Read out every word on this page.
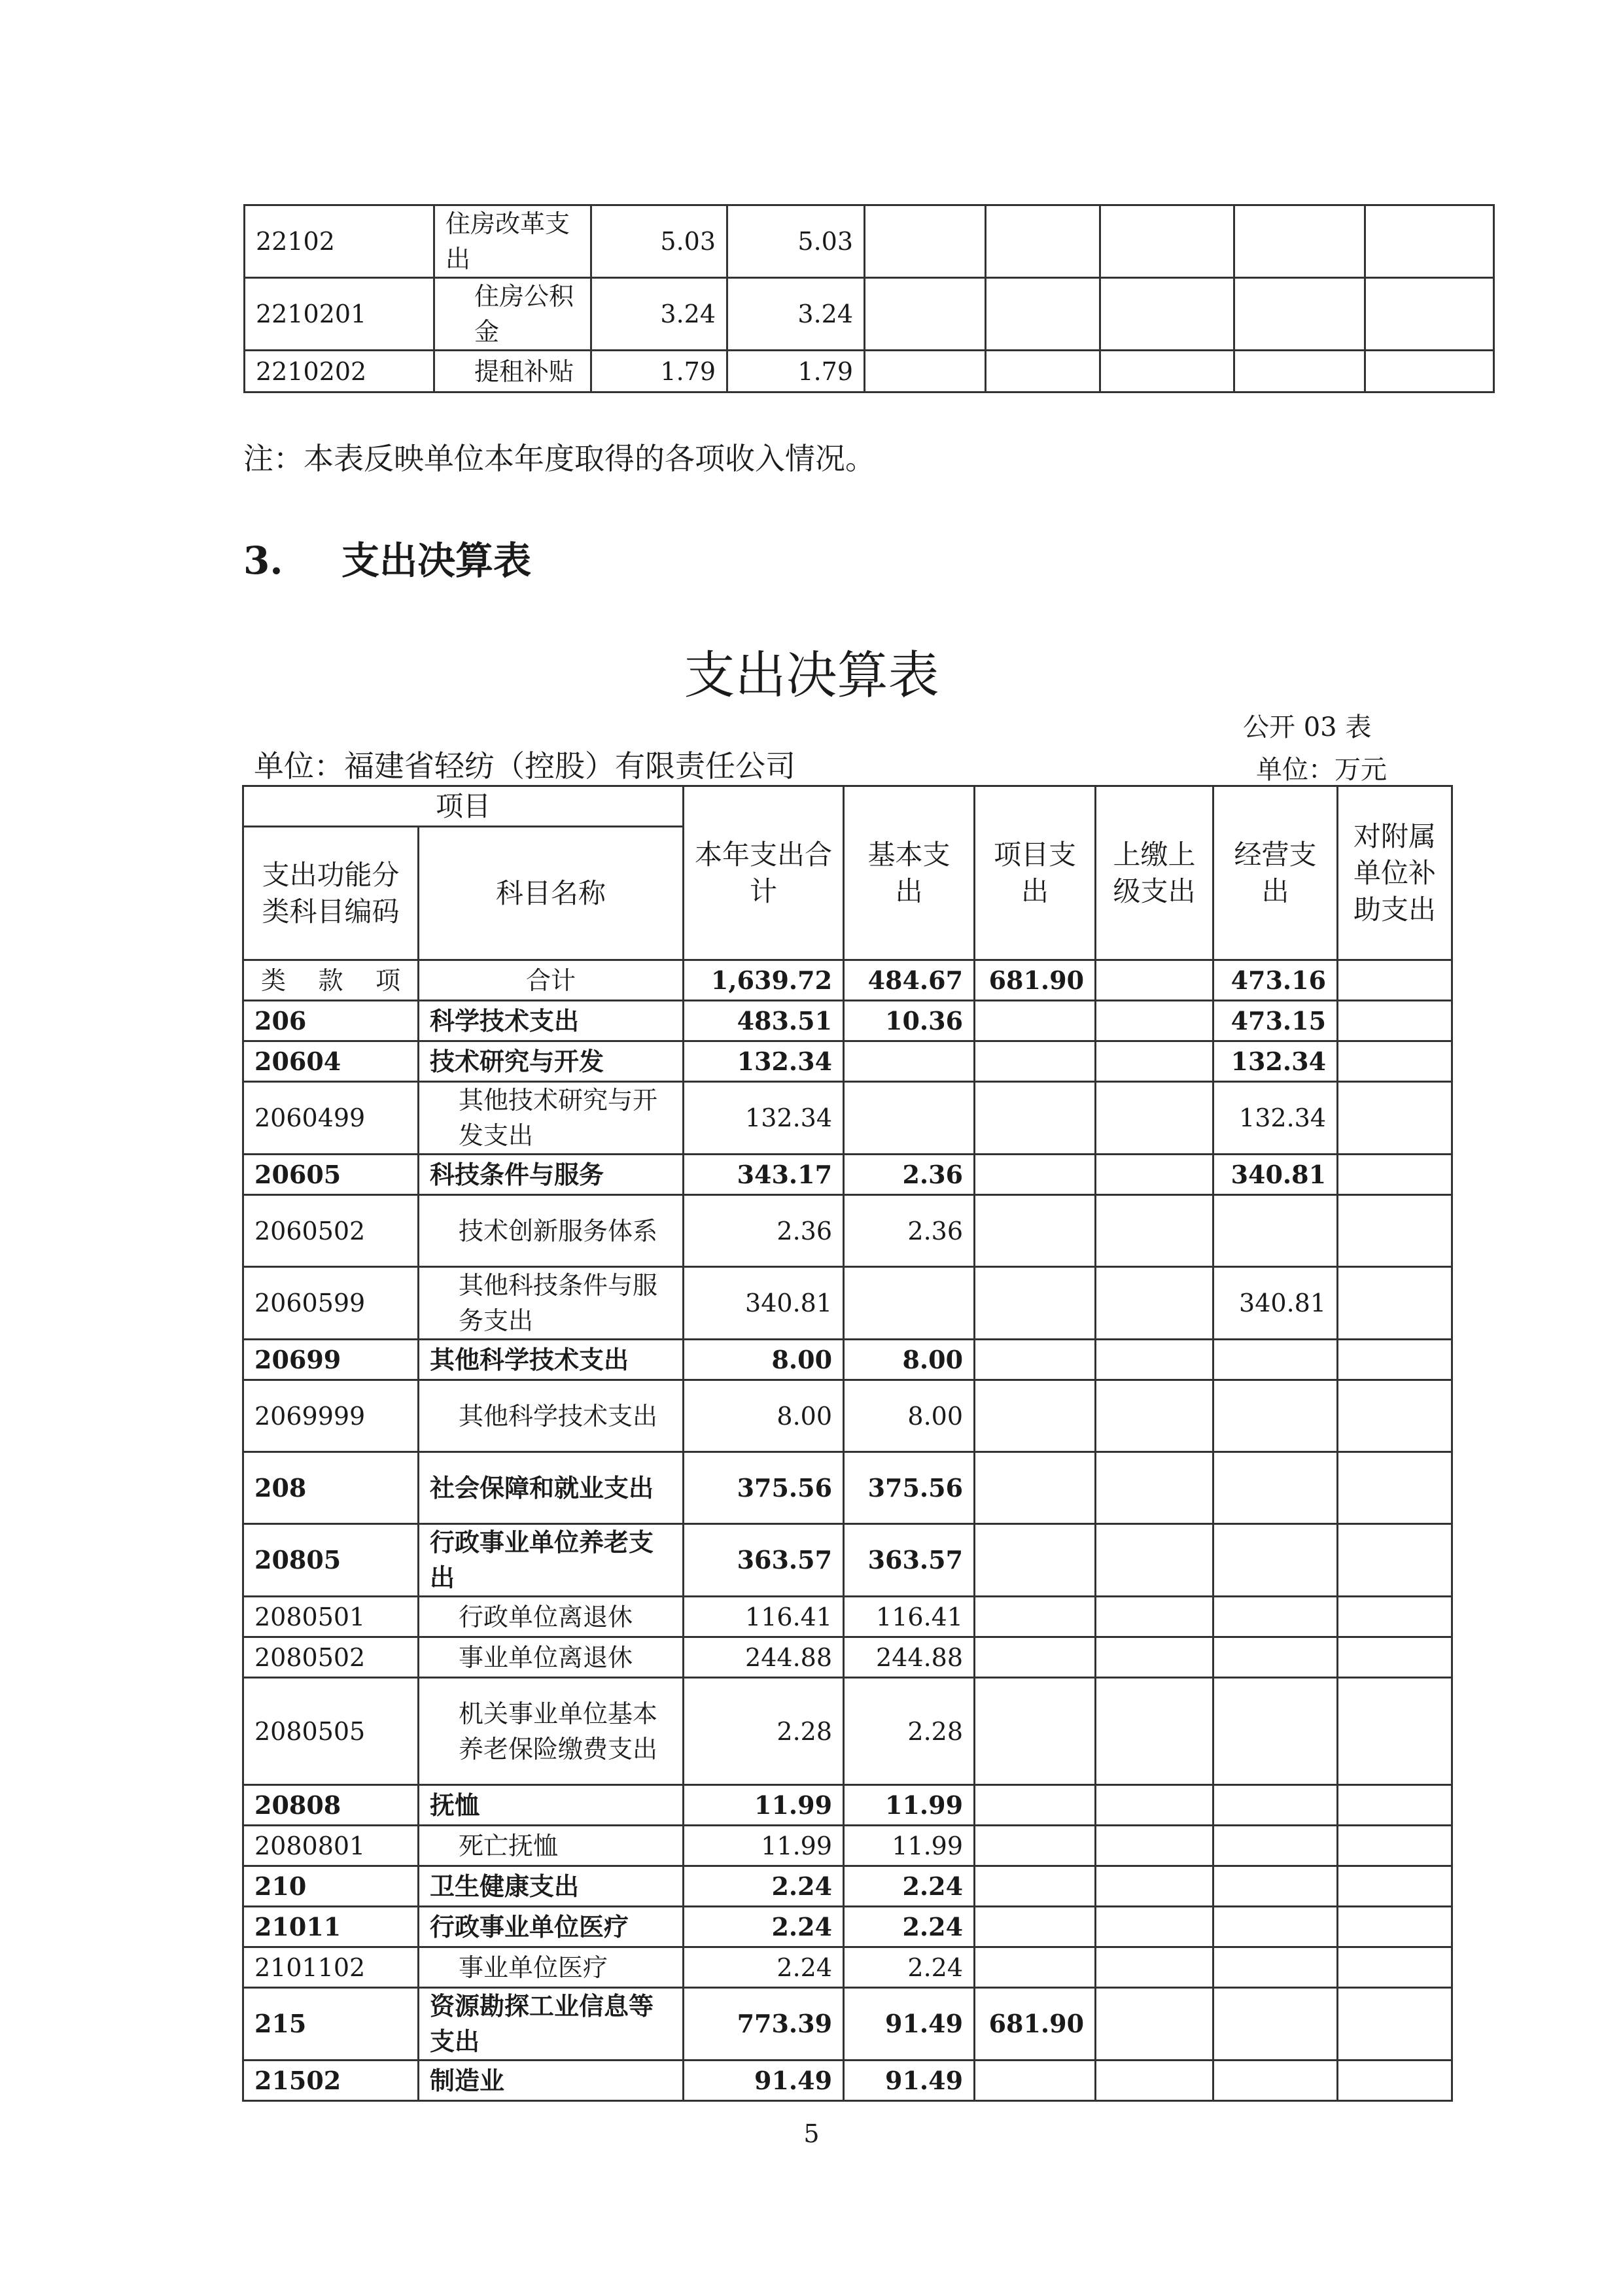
22102	住房改革支出	5.03	5.03					
2210201	住房公积金	3.24	3.24					
2210202	提租补贴	1.79	1.79					

注：本表反映单位本年度取得的各项收入情况。

3. 支出决算表
支出决算表
公开 03 表
单位：福建省轻纺（控股）有限责任公司	单位：万元
项目		本年支出合计	基本支出	项目支出	上缴上级支出	经营支出	对附属单位补助支出
支出功能分类科目编码	科目名称						

类 款 项	合计	1,639.72	484.67	681.90		473.16	
206	科学技术支出	483.51	10.36			473.15	
20604	技术研究与开发	132.34				132.34	
2060499	其他技术研究与开发支出	132.34				132.34	
20605	科技条件与服务	343.17	2.36			340.81	
2060502	技术创新服务体系	2.36	2.36				
2060599	其他科技条件与服务支出	340.81				340.81	
20699	其他科学技术支出	8.00	8.00				
2069999	其他科学技术支出	8.00	8.00				
208	社会保障和就业支出	375.56	375.56				
20805	行政事业单位养老支出	363.57	363.57				
2080501	行政单位离退休	116.41	116.41				
2080502	事业单位离退休	244.88	244.88				
2080505	机关事业单位基本养老保险缴费支出	2.28	2.28				
20808	抚恤	11.99	11.99				
2080801	死亡抚恤	11.99	11.99				
210	卫生健康支出	2.24	2.24				
21011	行政事业单位医疗	2.24	2.24				
2101102	事业单位医疗	2.24	2.24				
215	资源勘探工业信息等支出	773.39	91.49	681.90			
21502	制造业	91.49	91.49				
5
